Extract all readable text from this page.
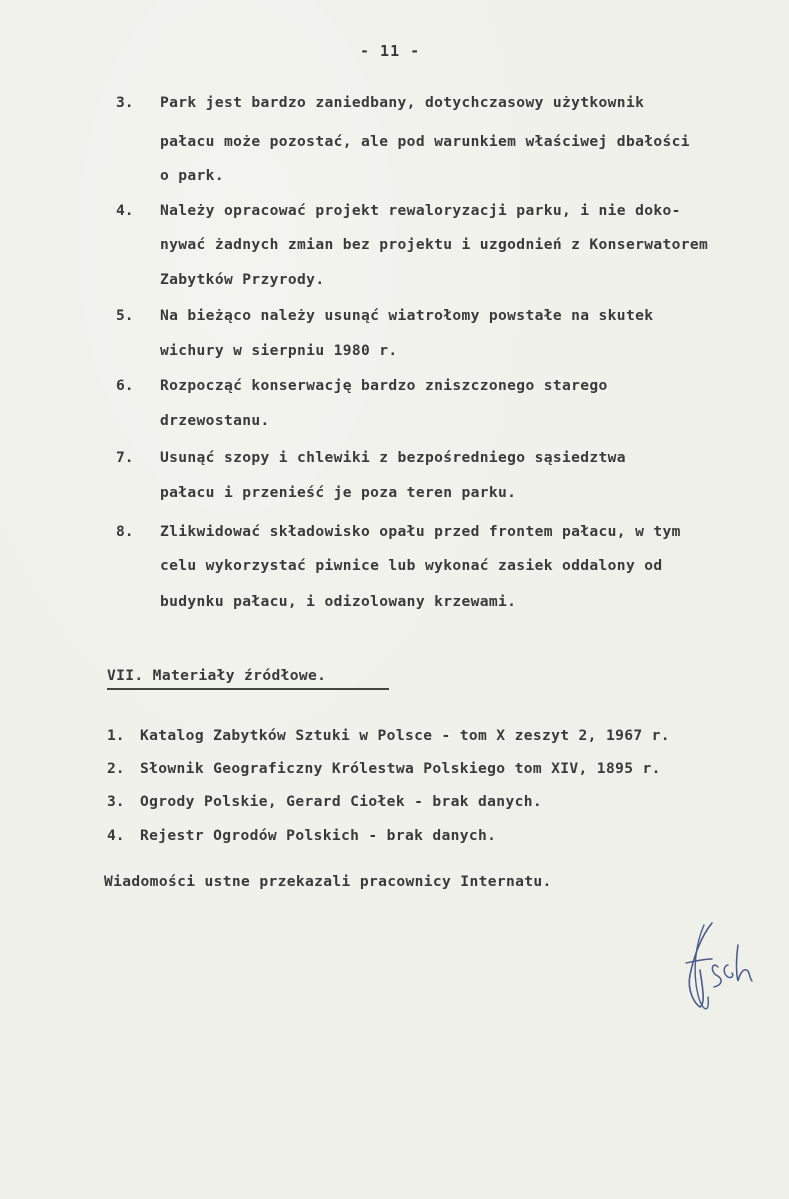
- 11 -
3. Park jest bardzo zaniedbany, dotychczasowy użytkownik
pałacu może pozostać, ale pod warunkiem właściwej dbałości
o park.
4. Należy opracować projekt rewaloryzacji parku, i nie doko-
nywać żadnych zmian bez projektu i uzgodnień z Konserwatorem
Zabytków Przyrody.
5. Na bieżąco należy usunąć wiatrołomy powstałe na skutek
wichury w sierpniu 1980 r.
6. Rozpocząć konserwację bardzo zniszczonego starego
drzewostanu.
7. Usunąć szopy i chlewiki z bezpośredniego sąsiedztwa
pałacu i przenieść je poza teren parku.
8. Zlikwidować składowisko opału przed frontem pałacu, w tym
celu wykorzystać piwnice lub wykonać zasiek oddalony od
budynku pałacu, i odizolowany krzewami.
VII. Materiały źródłowe.
1. Katalog Zabytków Sztuki w Polsce - tom X zeszyt 2, 1967 r.
2. Słownik Geograficzny Królestwa Polskiego tom XIV, 1895 r.
3. Ogrody Polskie, Gerard Ciołek - brak danych.
4. Rejestr Ogrodów Polskich - brak danych.
Wiadomości ustne przekazali pracownicy Internatu.
